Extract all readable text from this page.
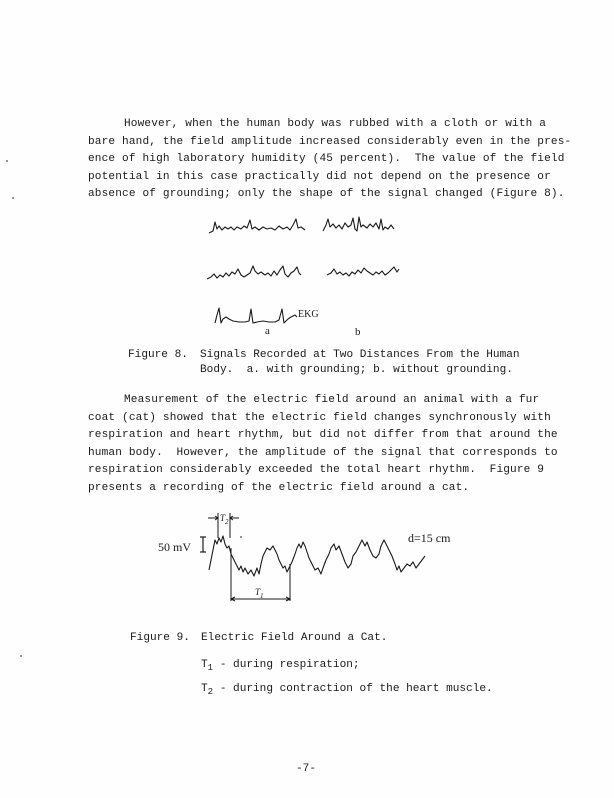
However, when the human body was rubbed with a cloth or with a
bare hand, the field amplitude increased considerably even in the pres-
ence of high laboratory humidity (45 percent).  The value of the field
potential in this case practically did not depend on the presence or
absence of grounding; only the shape of the signal changed (Figure 8).
EKG
a	b
Figure 8. Signals Recorded at Two Distances From the Human
Body.  a. with grounding; b. without grounding.
Measurement of the electric field around an animal with a fur
coat (cat) showed that the electric field changes synchronously with
respiration and heart rhythm, but did not differ from that around the
human body.  However, the amplitude of the signal that corresponds to
respiration considerably exceeded the total heart rhythm.  Figure 9
presents a recording of the electric field around a cat.
50 mV
$T_2$
$T_1$
d=15 cm
Figure 9. Electric Field Around a Cat.
$T_1$ - during respiration;
$T_2$ - during contraction of the heart muscle.
-7-
